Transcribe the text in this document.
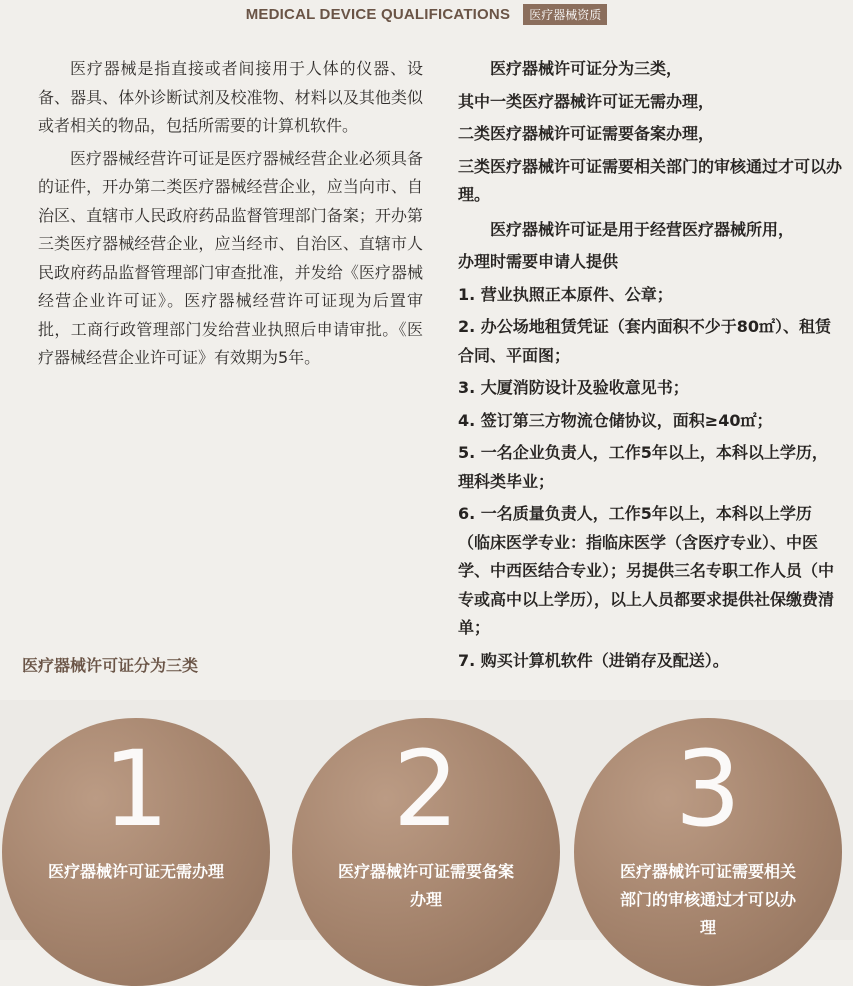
MEDICAL DEVICE QUALIFICATIONS 医疗器械资质

医疗器械是指直接或者间接用于人体的仪器、设备、器具、体外诊断试剂及校准物、材料以及其他类似或者相关的物品，包括所需要的计算机软件。

医疗器械经营许可证是医疗器械经营企业必须具备的证件，开办第二类医疗器械经营企业，应当向市、自治区、直辖市人民政府药品监督管理部门备案；开办第三类医疗器械经营企业，应当经市、自治区、直辖市人民政府药品监督管理部门审查批准，并发给《医疗器械经营企业许可证》。医疗器械经营许可证现为后置审批，工商行政管理部门发给营业执照后申请审批。《医疗器械经营企业许可证》有效期为5年。

医疗器械许可证分为三类，

其中一类医疗器械许可证无需办理，

二类医疗器械许可证需要备案办理，

三类医疗器械许可证需要相关部门的审核通过才可以办理。

医疗器械许可证是用于经营医疗器械所用，

办理时需要申请人提供

1. 营业执照正本原件、公章；

2. 办公场地租赁凭证（套内面积不少于80㎡）、租赁合同、平面图；

3. 大厦消防设计及验收意见书；

4. 签订第三方物流仓储协议，面积≥40㎡；

5. 一名企业负责人，工作5年以上，本科以上学历，理科类毕业；

6. 一名质量负责人，工作5年以上，本科以上学历（临床医学专业：指临床医学（含医疗专业）、中医学、中西医结合专业）；另提供三名专职工作人员（中专或高中以上学历），以上人员都要求提供社保缴费清单；

7. 购买计算机软件（进销存及配送）。

医疗器械许可证分为三类
1
医疗器械许可证无需办理
2
医疗器械许可证需要备案办理
3
医疗器械许可证需要相关部门的审核通过才可以办理
